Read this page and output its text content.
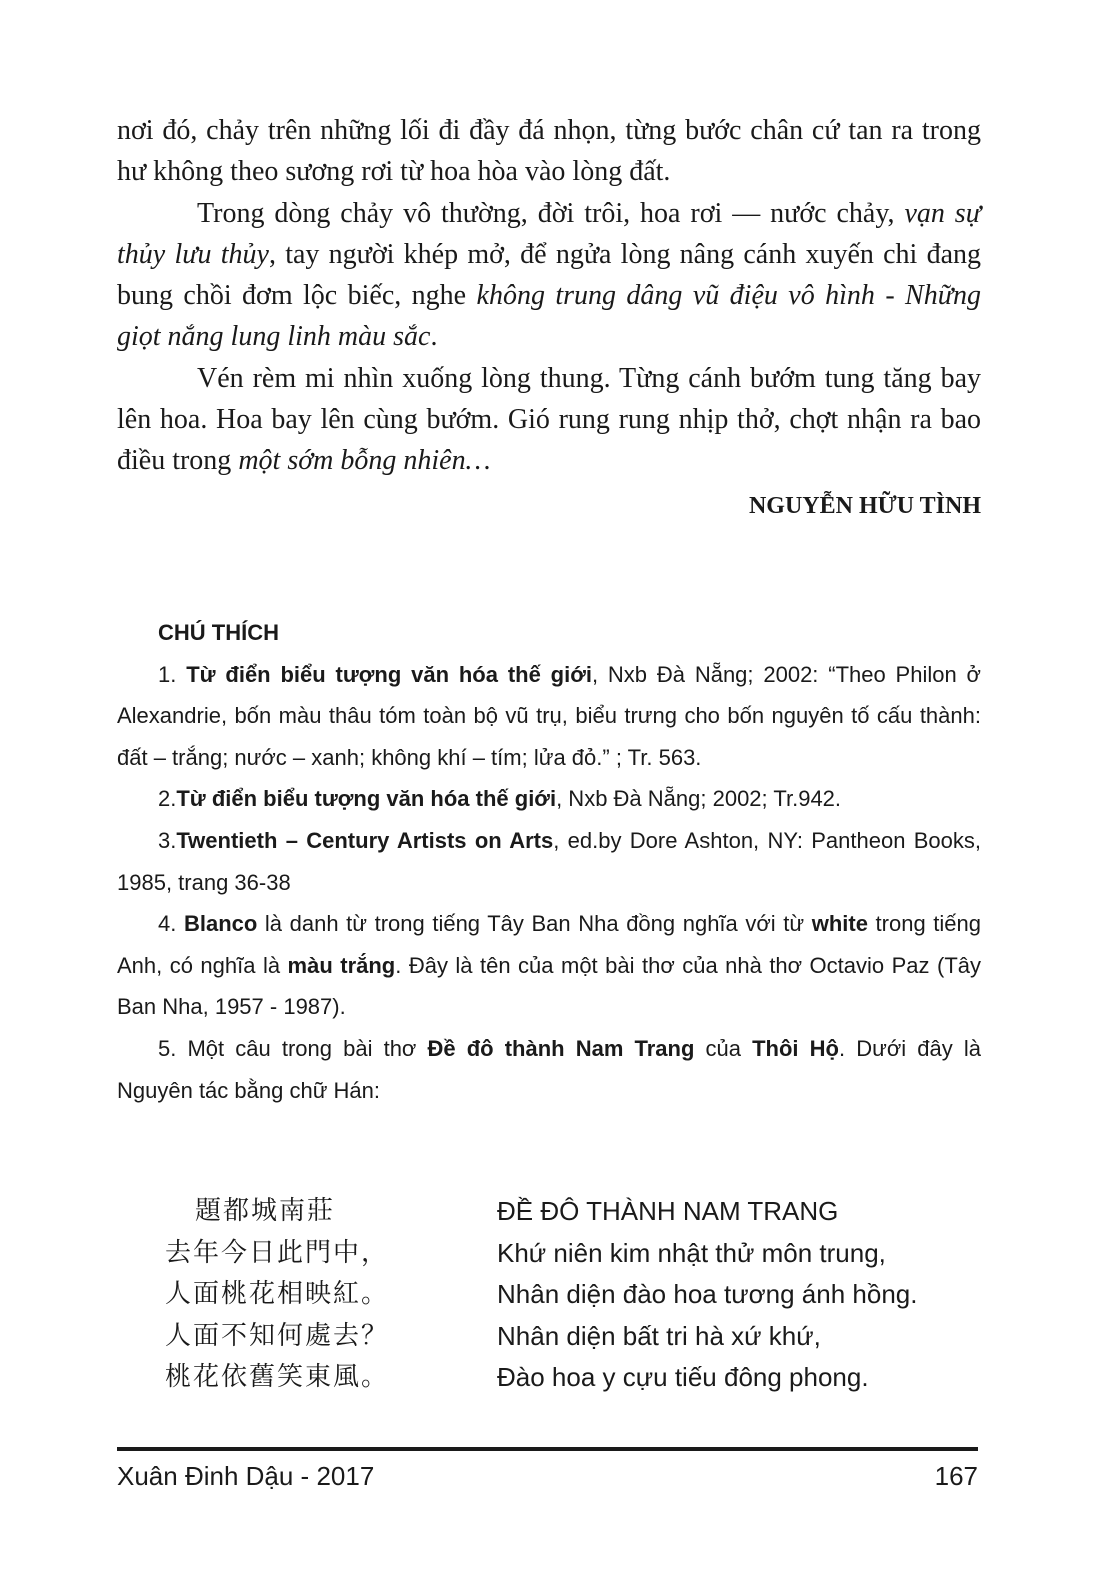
nơi đó, chảy trên những lối đi đầy đá nhọn, từng bước chân cứ tan ra trong hư không theo sương rơi từ hoa hòa vào lòng đất.

Trong dòng chảy vô thường, đời trôi, hoa rơi — nước chảy, vạn sự thủy lưu thủy, tay người khép mở, để ngửa lòng nâng cánh xuyến chi đang bung chồi đơm lộc biếc, nghe không trung dâng vũ điệu vô hình - Những giọt nắng lung linh màu sắc.

Vén rèm mi nhìn xuống lòng thung. Từng cánh bướm tung tăng bay lên hoa. Hoa bay lên cùng bướm. Gió rung rung nhịp thở, chợt nhận ra bao điều trong một sớm bỗng nhiên…

NGUYỄN HỮU TÌNH

CHÚ THÍCH

1. Từ điển biểu tượng văn hóa thế giới, Nxb Đà Nẵng; 2002: “Theo Philon ở Alexandrie, bốn màu thâu tóm toàn bộ vũ trụ, biểu trưng cho bốn nguyên tố cấu thành: đất – trắng; nước – xanh; không khí – tím; lửa đỏ.” ; Tr. 563.

2.Từ điển biểu tượng văn hóa thế giới, Nxb Đà Nẵng; 2002; Tr.942.

3.Twentieth – Century Artists on Arts, ed.by Dore Ashton, NY: Pantheon Books, 1985, trang 36-38

4. Blanco là danh từ trong tiếng Tây Ban Nha đồng nghĩa với từ white trong tiếng Anh, có nghĩa là màu trắng. Đây là tên của một bài thơ của nhà thơ Octavio Paz (Tây Ban Nha, 1957 - 1987).

5. Một câu trong bài thơ Đề đô thành Nam Trang của Thôi Hộ. Dưới đây là Nguyên tác bằng chữ Hán:

題都城南莊
去年今日此門中，
人面桃花相映紅。
人面不知何處去？
桃花依舊笑東風。
ĐỀ ĐÔ THÀNH NAM TRANG
Khứ niên kim nhật thử môn trung,
Nhân diện đào hoa tương ánh hồng.
Nhân diện bất tri hà xứ khứ,
Đào hoa y cựu tiếu đông phong.
Xuân Đinh Dậu - 2017	167
